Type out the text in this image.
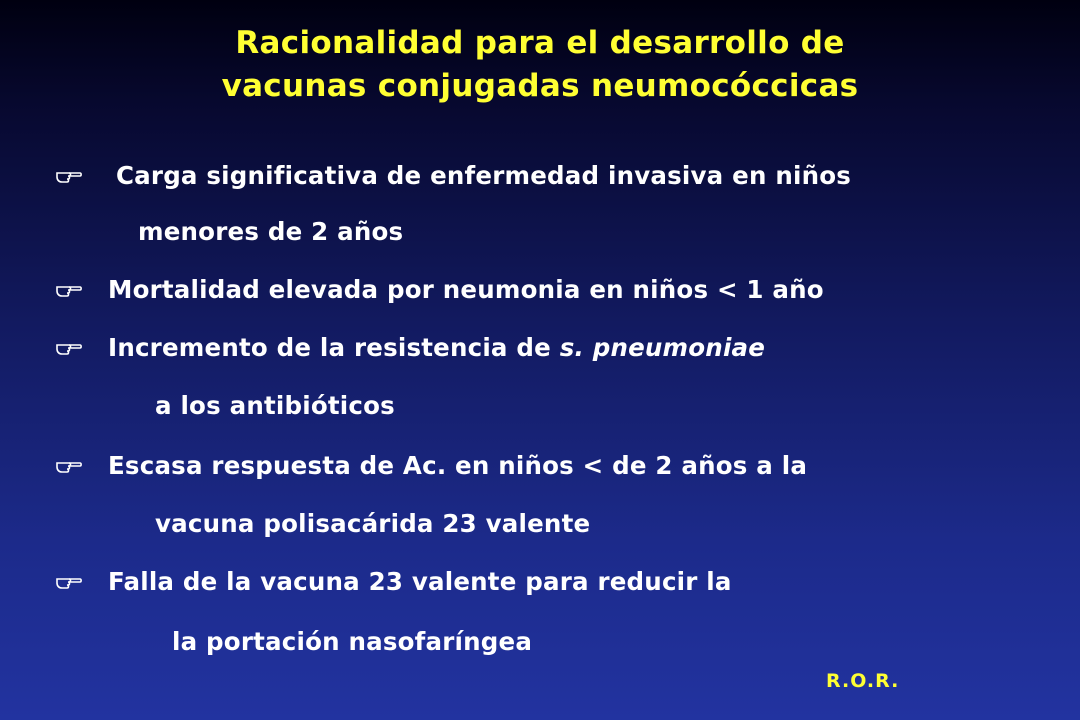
Racionalidad para el desarrollo de
vacunas conjugadas neumocóccicas
Carga significativa de enfermedad invasiva en niños
menores de 2 años
Mortalidad elevada por neumonia en niños < 1 año
Incremento de la resistencia de s. pneumoniae
a los antibióticos
Escasa respuesta de Ac. en niños < de 2 años a la
vacuna polisacárida 23 valente
Falla de la vacuna 23 valente para reducir la
la portación nasofaríngea
R.O.R.
